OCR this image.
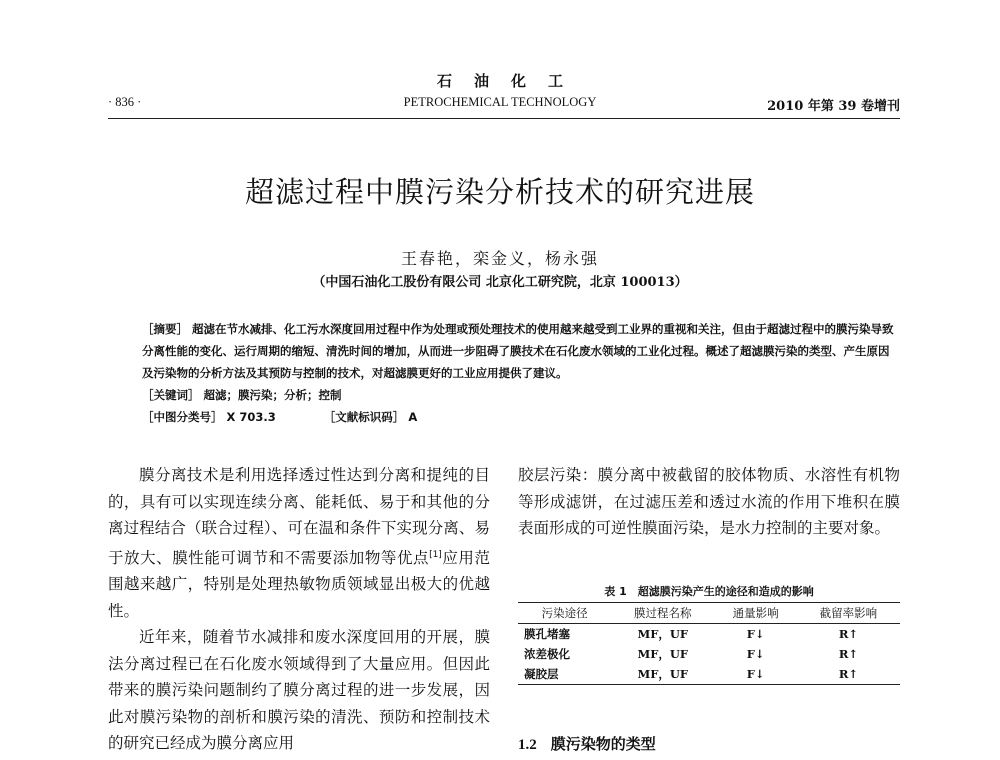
石油化工
· 836 ·	PETROCHEMICAL TECHNOLOGY	2010 年第 39 卷增刊
超滤过程中膜污染分析技术的研究进展
王春艳，栾金义，杨永强
（中国石油化工股份有限公司 北京化工研究院，北京 100013）

［摘要］ 超滤在节水减排、化工污水深度回用过程中作为处理或预处理技术的使用越来越受到工业界的重视和关注，但由于超滤过程中的膜污染导致分离性能的变化、运行周期的缩短、清洗时间的增加，从而进一步阻碍了膜技术在石化废水领域的工业化过程。概述了超滤膜污染的类型、产生原因及污染物的分析方法及其预防与控制的技术，对超滤膜更好的工业应用提供了建议。

［关键词］ 超滤；膜污染；分析；控制

［中图分类号］ X 703.3	［文献标识码］ A

膜分离技术是利用选择透过性达到分离和提纯的目的，具有可以实现连续分离、能耗低、易于和其他的分离过程结合（联合过程）、可在温和条件下实现分离、易于放大、膜性能可调节和不需要添加物等优点[1]应用范围越来越广，特别是处理热敏物质领域显出极大的优越性。

近年来，随着节水减排和废水深度回用的开展，膜法分离过程已在石化废水领域得到了大量应用。但因此带来的膜污染问题制约了膜分离过程的进一步发展，因此对膜污染物的剖析和膜污染的清洗、预防和控制技术的研究已经成为膜分离应用

胶层污染：膜分离中被截留的胶体物质、水溶性有机物等形成滤饼，在过滤压差和透过水流的作用下堆积在膜表面形成的可逆性膜面污染，是水力控制的主要对象。

表 1　超滤膜污染产生的途径和造成的影响
污染途径	膜过程名称	通量影响	截留率影响
膜孔堵塞	MF，UF	F↓	R↑
浓差极化	MF，UF	F↓	R↑
凝胶层	MF，UF	F↓	R↑
1.2 膜污染物的类型
